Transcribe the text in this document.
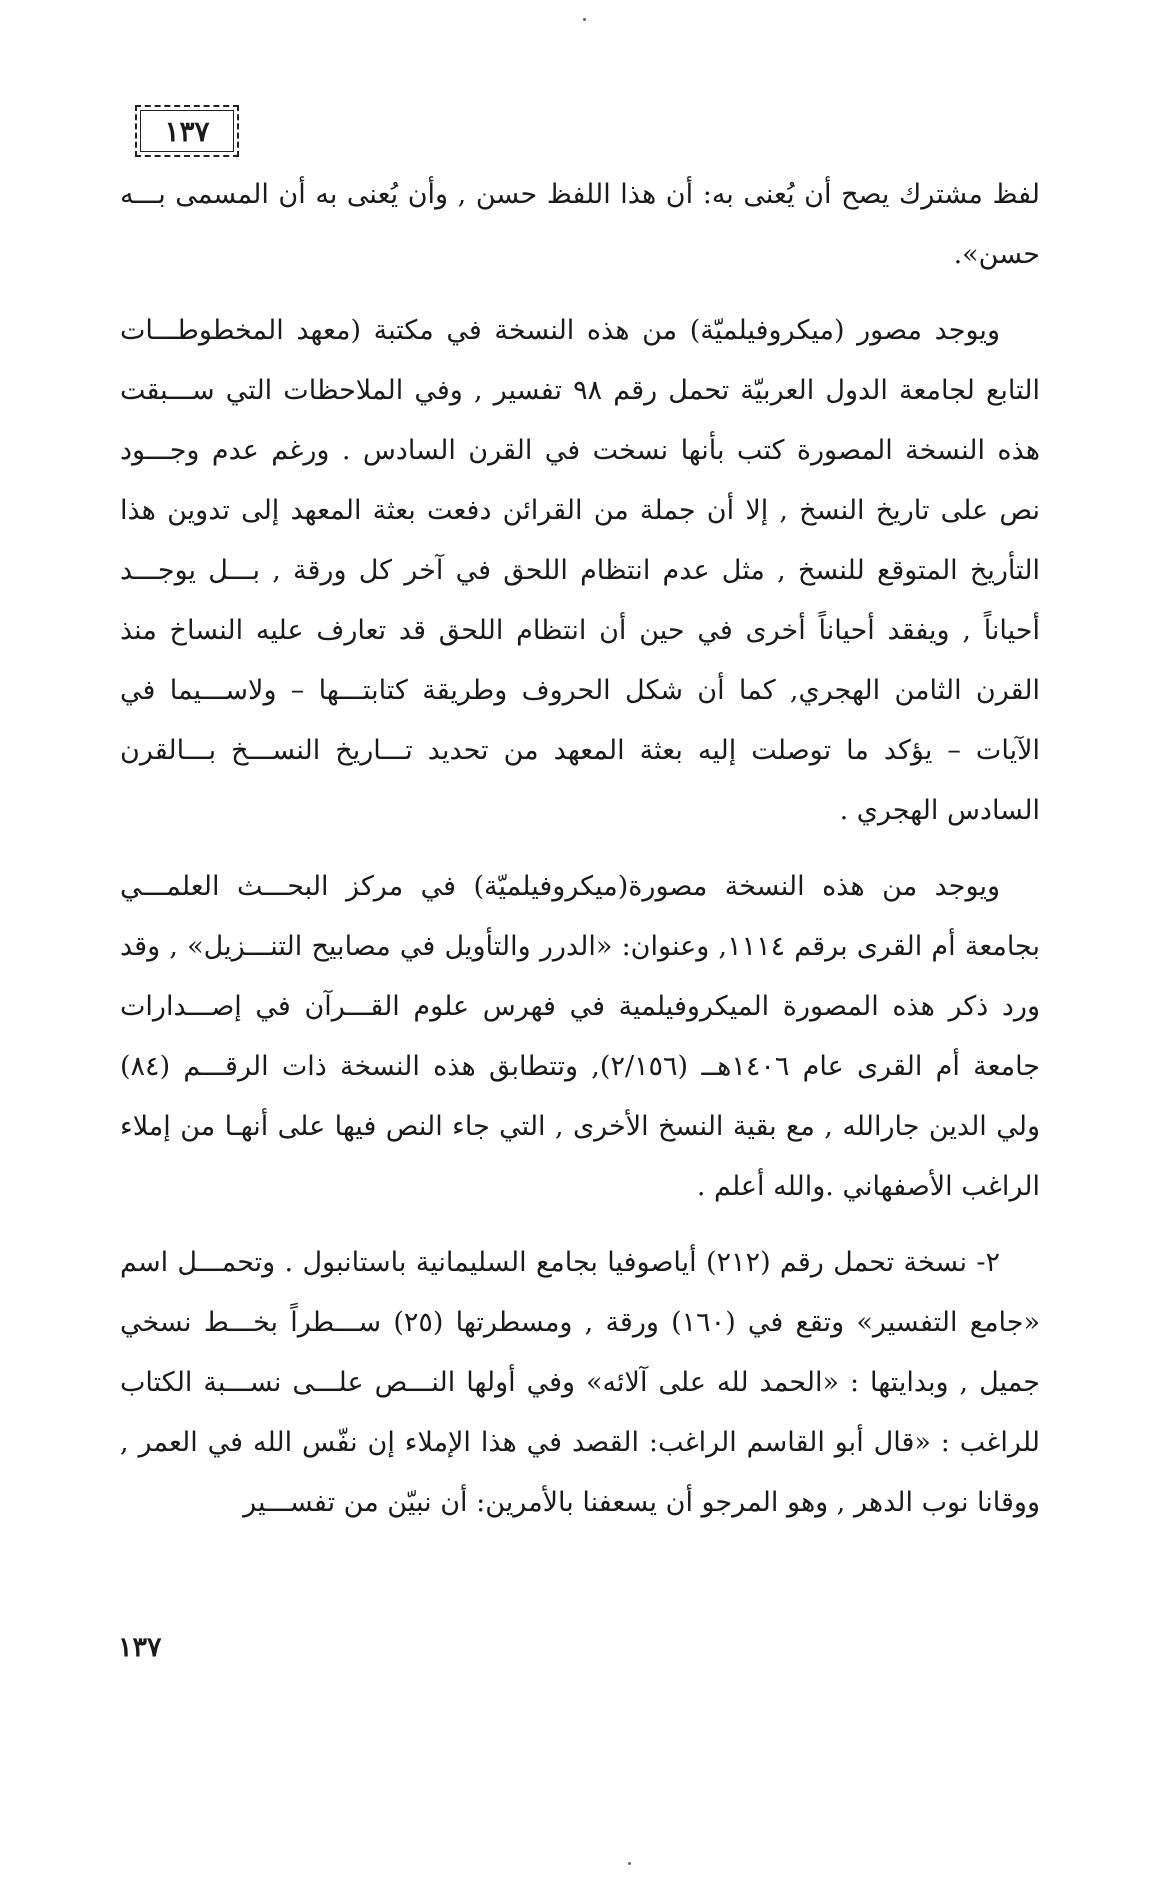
١٣٧

لفظ مشترك يصح أن يُعنى به: أن هذا اللفظ حسن , وأن يُعنى به أن المسمى بـــه حسن».

ويوجد مصور (ميكروفيلميّة) من هذه النسخة في مكتبة (معهد المخطوطـــات التابع لجامعة الدول العربيّة تحمل رقم ٩٨ تفسير , وفي الملاحظات التي ســـبقت هذه النسخة المصورة كتب بأنها نسخت في القرن السادس . ورغم عدم وجـــود نص على تاريخ النسخ , إلا أن جملة من القرائن دفعت بعثة المعهد إلى تدوين هذا التأريخ المتوقع للنسخ , مثل عدم انتظام اللحق في آخر كل ورقة , بـــل يوجـــد أحياناً , ويفقد أحياناً أخرى في حين أن انتظام اللحق قد تعارف عليه النساخ منذ القرن الثامن الهجري, كما أن شكل الحروف وطريقة كتابتـــها – ولاســـيما في الآيات – يؤكد ما توصلت إليه بعثة المعهد من تحديد تـــاريخ النســـخ بـــالقرن السادس الهجري .

ويوجد من هذه النسخة مصورة(ميكروفيلميّة) في مركز البحـــث العلمـــي بجامعة أم القرى برقم ١١١٤, وعنوان: «الدرر والتأويل في مصابيح التنـــزيل» , وقد ورد ذكر هذه المصورة الميكروفيلمية في فهرس علوم القـــرآن في إصـــدارات جامعة أم القرى عام ١٤٠٦هــ (٢/١٥٦), وتتطابق هذه النسخة ذات الرقـــم (٨٤) ولي الدين جارالله , مع بقية النسخ الأخرى , التي جاء النص فيها على أنهـا من إملاء الراغب الأصفهاني .والله أعلم .

٢- نسخة تحمل رقم (٢١٢) أياصوفيا بجامع السليمانية باستانبول . وتحمـــل اسم «جامع التفسير» وتقع في (١٦٠) ورقة , ومسطرتها (٢٥) ســـطراً بخـــط نسخي جميل , وبدايتها : «الحمد لله على آلائه» وفي أولها النـــص علـــى نســـبة الكتاب للراغب : «قال أبو القاسم الراغب: القصد في هذا الإملاء إن نفّس الله في العمر , ووقانا نوب الدهر , وهو المرجو أن يسعفنا بالأمرين: أن نبيّن من تفســـير

١٣٧
